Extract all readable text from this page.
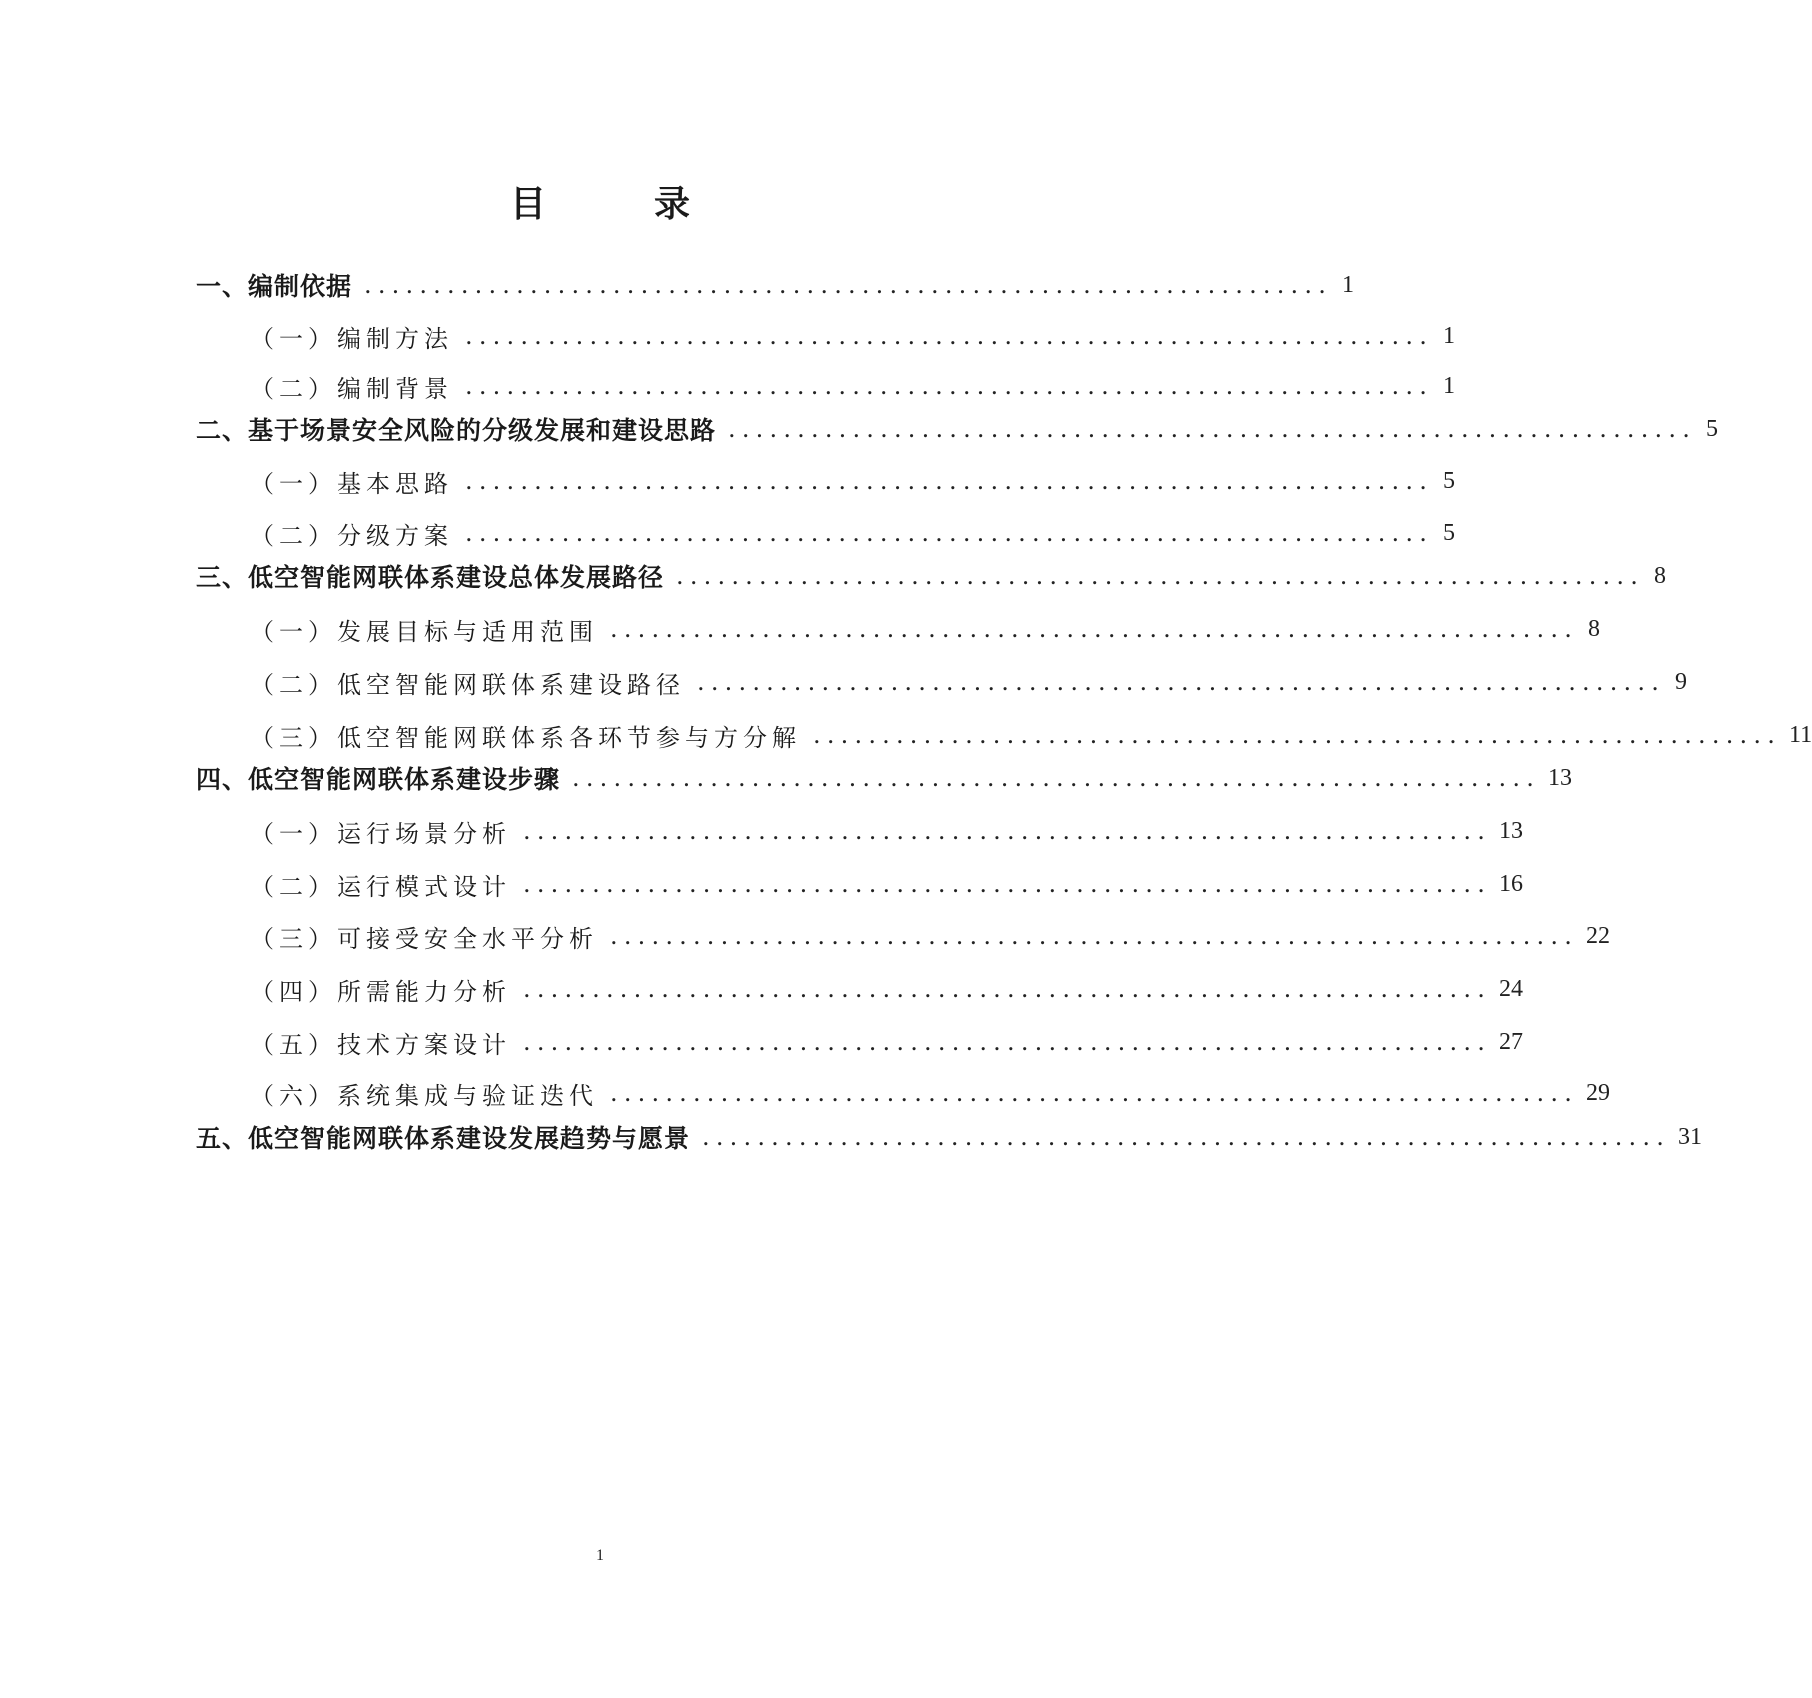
目　录
一、编制依据 ...................................................................... 1
（一）编制方法 ...................................................................... 1
（二）编制背景 ...................................................................... 1
二、基于场景安全风险的分级发展和建设思路 ...................................................................... 5
（一）基本思路 ...................................................................... 5
（二）分级方案 ...................................................................... 5
三、低空智能网联体系建设总体发展路径 ...................................................................... 8
（一）发展目标与适用范围 ...................................................................... 8
（二）低空智能网联体系建设路径 ...................................................................... 9
（三）低空智能网联体系各环节参与方分解 ...................................................................... 11
四、低空智能网联体系建设步骤 ...................................................................... 13
（一）运行场景分析 ...................................................................... 13
（二）运行模式设计 ...................................................................... 16
（三）可接受安全水平分析 ...................................................................... 22
（四）所需能力分析 ...................................................................... 24
（五）技术方案设计 ...................................................................... 27
（六）系统集成与验证迭代 ...................................................................... 29
五、低空智能网联体系建设发展趋势与愿景 ...................................................................... 31
1
